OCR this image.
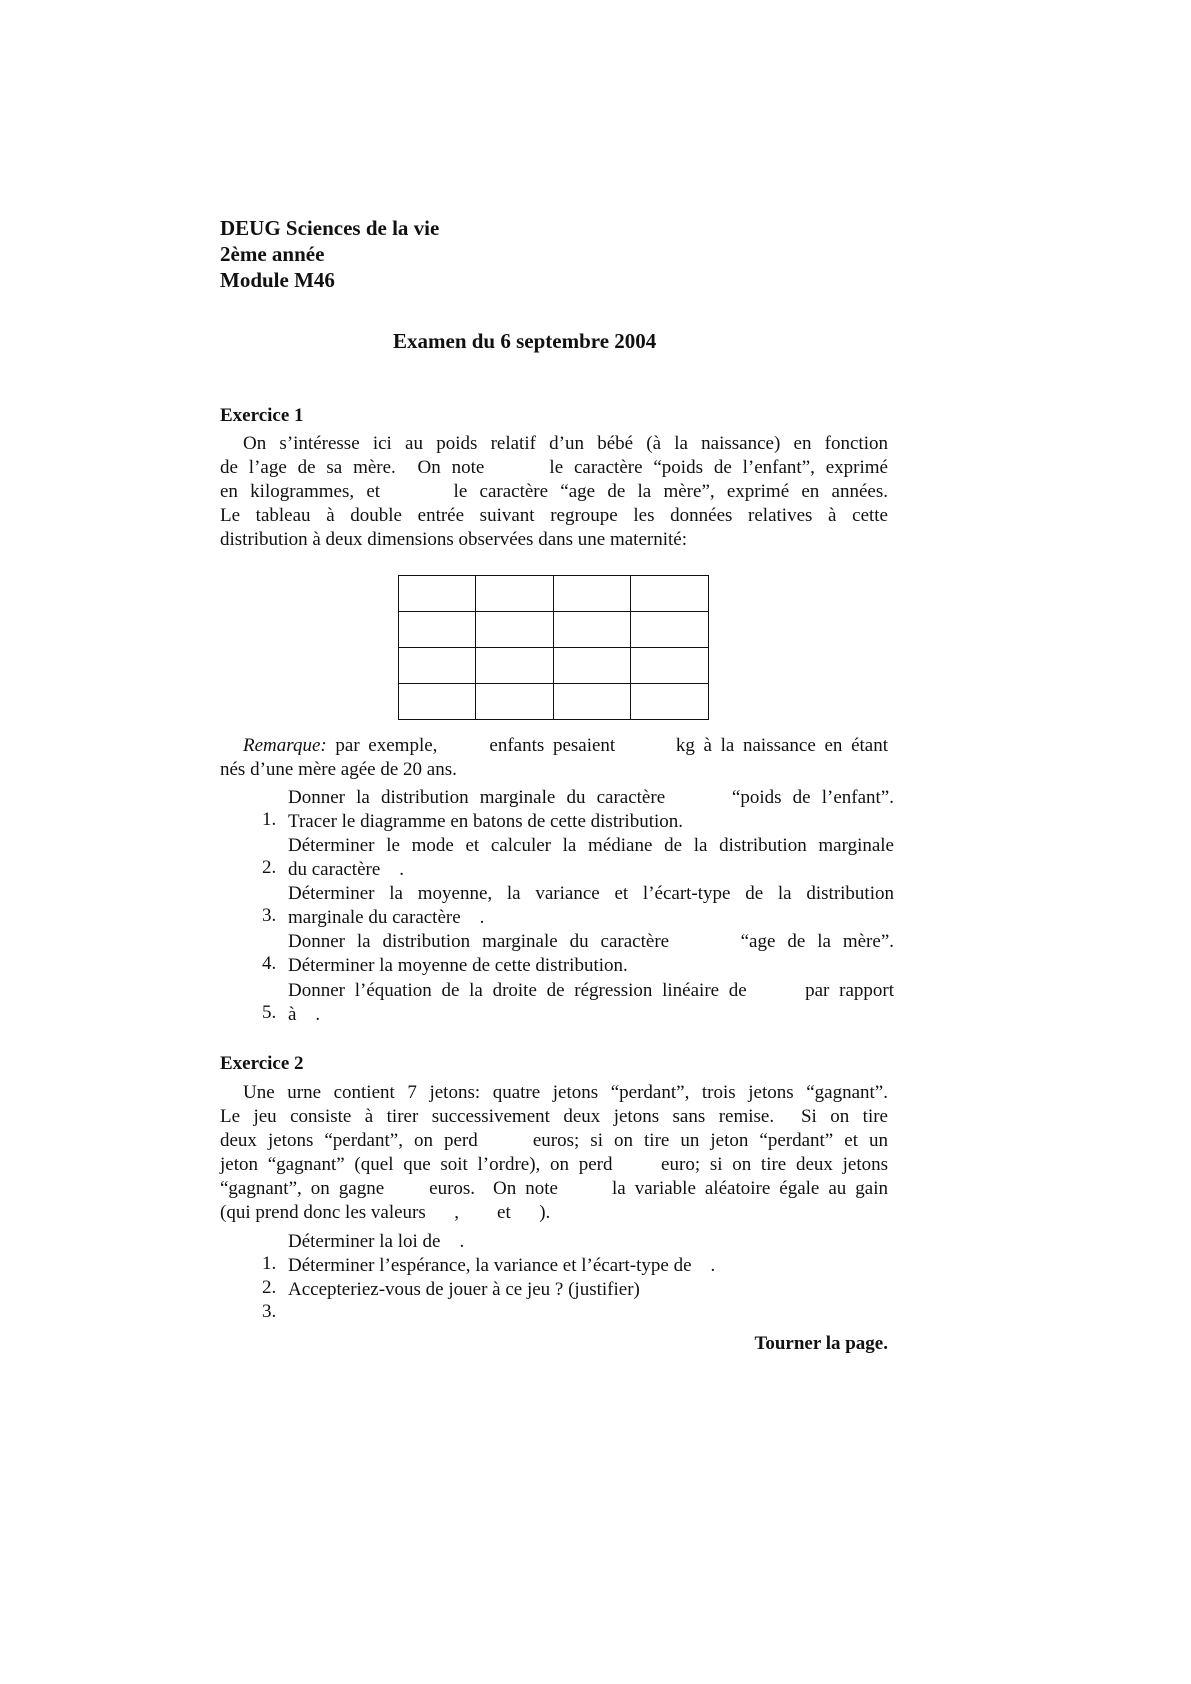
DEUG Sciences de la vie
2ème année
Module M46
Examen du 6 septembre 2004
Exercice 1
On s’intéresse ici au poids relatif d’un bébé (à la naissance) en fonction
de l’age de sa mère.  On note      le caractère “poids de l’enfant”, exprimé
en kilogrammes, et      le caractère “age de la mère”, exprimé en années.
Le tableau à double entrée suivant regroupe les données relatives à cette
distribution à deux dimensions observées dans une maternité:

Remarque: par exemple,      enfants pesaient       kg à la naissance en étant
nés d’une mère agée de 20 ans.

1.

Donner la distribution marginale du caractère      “poids de l’enfant”.

Tracer le diagramme en batons de cette distribution.

2.

Déterminer le mode et calculer la médiane de la distribution marginale

du caractère    .

3.

Déterminer la moyenne, la variance et l’écart-type de la distribution

marginale du caractère    .

4.

Donner la distribution marginale du caractère      “age de la mère”.

Déterminer la moyenne de cette distribution.

5.

Donner l’équation de la droite de régression linéaire de      par rapport

à    .

Exercice 2
Une urne contient 7 jetons: quatre jetons “perdant”, trois jetons “gagnant”.
Le jeu consiste à tirer successivement deux jetons sans remise.  Si on tire
deux jetons “perdant”, on perd     euros; si on tire un jeton “perdant” et un
jeton “gagnant” (quel que soit l’ordre), on perd     euro; si on tire deux jetons
“gagnant”, on gagne     euros.  On note      la variable aléatoire égale au gain
(qui prend donc les valeurs      ,        et      ).

1.

Déterminer la loi de    .

2.

Déterminer l’espérance, la variance et l’écart-type de    .

3.

Accepteriez-vous de jouer à ce jeu ? (justifier)

Tourner la page.
